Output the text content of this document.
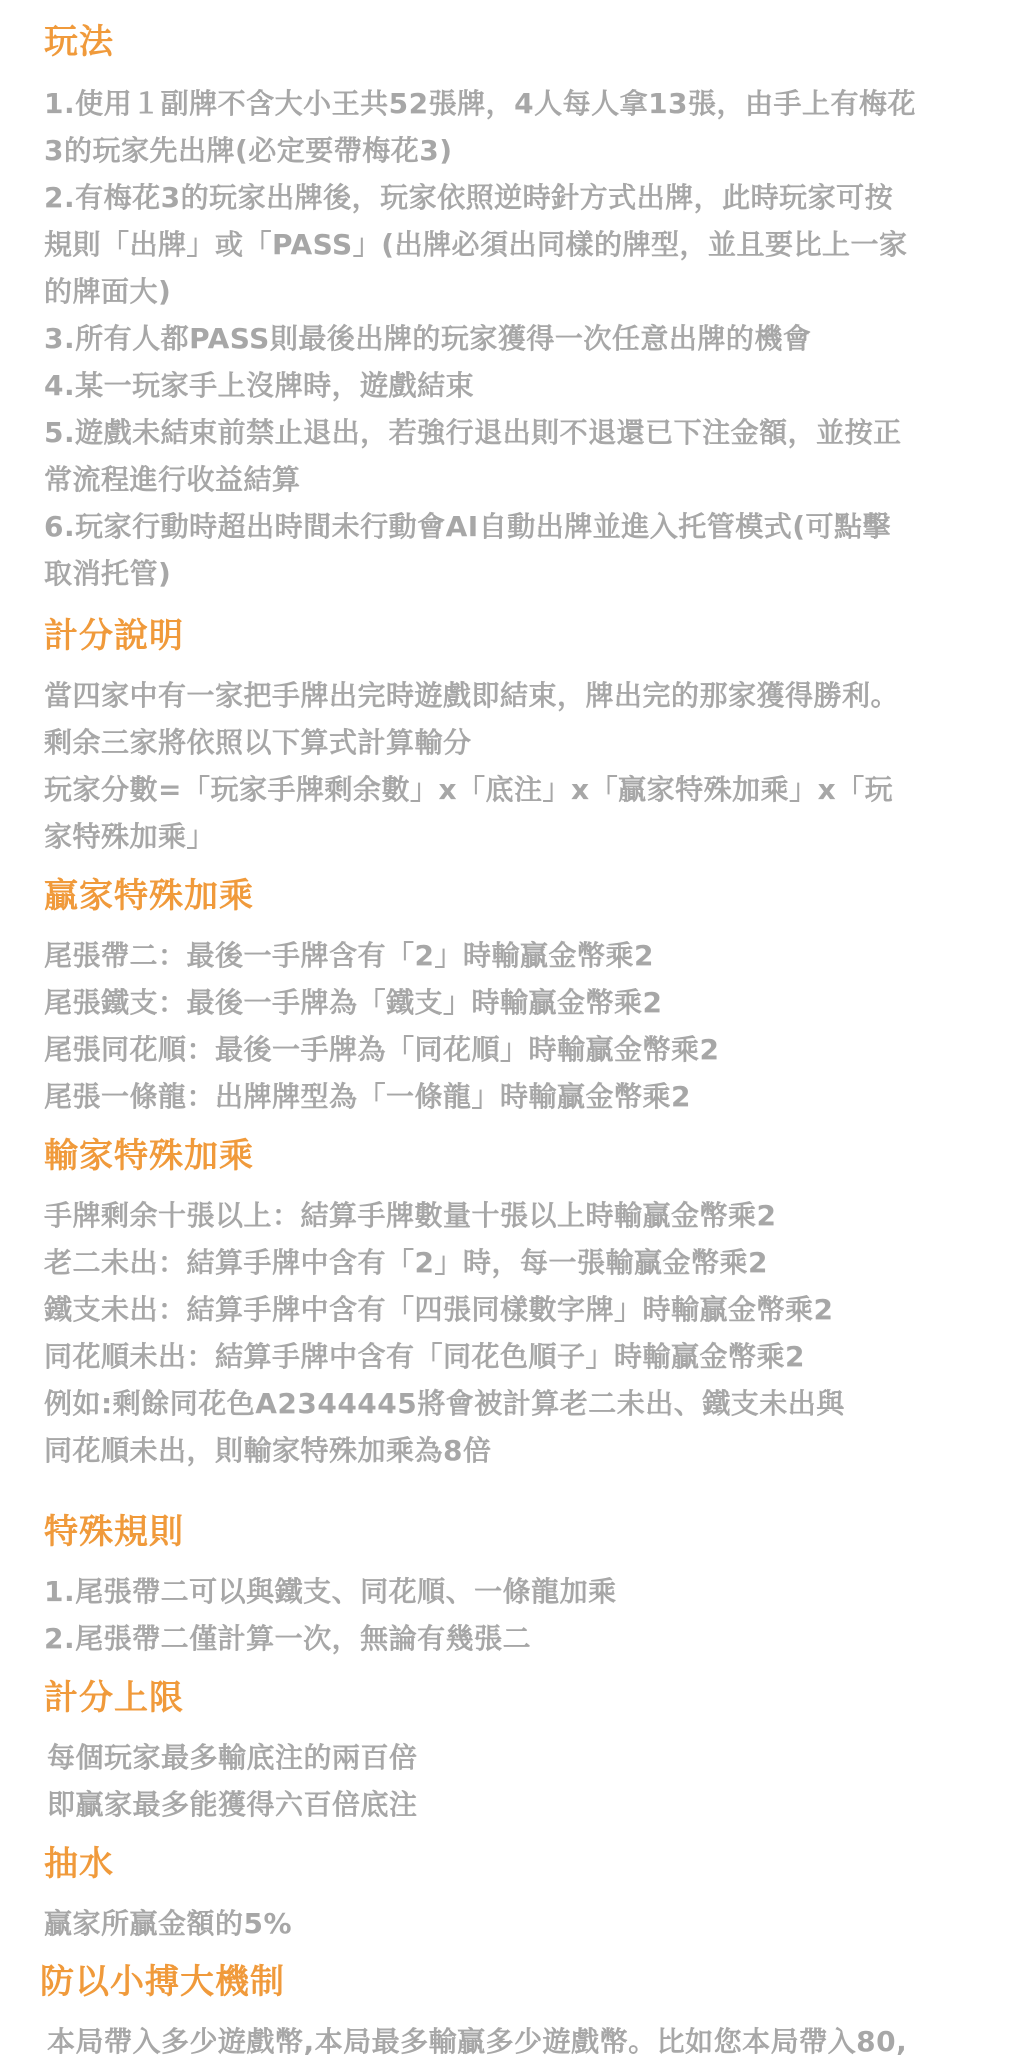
玩法

1.使用１副牌不含大小王共52張牌，4人每人拿13張，由手上有梅花

3的玩家先出牌(必定要帶梅花3)

2.有梅花3的玩家出牌後，玩家依照逆時針方式出牌，此時玩家可按

規則「出牌」或「PASS」(出牌必須出同樣的牌型，並且要比上一家

的牌面大)

3.所有人都PASS則最後出牌的玩家獲得一次任意出牌的機會

4.某一玩家手上沒牌時，遊戲結束

5.遊戲未結束前禁止退出，若強行退出則不退還已下注金額，並按正

常流程進行收益結算

6.玩家行動時超出時間未行動會AI自動出牌並進入托管模式(可點擊

取消托管)

計分說明

當四家中有一家把手牌出完時遊戲即結束，牌出完的那家獲得勝利。

剩余三家將依照以下算式計算輸分

玩家分數=「玩家手牌剩余數」x「底注」x「贏家特殊加乘」x「玩

家特殊加乘」

贏家特殊加乘

尾張帶二：最後一手牌含有「2」時輸贏金幣乘2

尾張鐵支：最後一手牌為「鐵支」時輸贏金幣乘2

尾張同花順：最後一手牌為「同花順」時輸贏金幣乘2

尾張一條龍：出牌牌型為「一條龍」時輸贏金幣乘2

輸家特殊加乘

手牌剩余十張以上：結算手牌數量十張以上時輸贏金幣乘2

老二未出：結算手牌中含有「2」時，每一張輸贏金幣乘2

鐵支未出：結算手牌中含有「四張同樣數字牌」時輸贏金幣乘2

同花順未出：結算手牌中含有「同花色順子」時輸贏金幣乘2

例如:剩餘同花色A2344445將會被計算老二未出、鐵支未出與

同花順未出，則輸家特殊加乘為8倍

特殊規則

1.尾張帶二可以與鐵支、同花順、一條龍加乘

2.尾張帶二僅計算一次，無論有幾張二

計分上限

每個玩家最多輸底注的兩百倍

即贏家最多能獲得六百倍底注

抽水

贏家所贏金額的5%

防以小搏大機制

本局帶入多少遊戲幣,本局最多輸贏多少遊戲幣。比如您本局帶入80,
